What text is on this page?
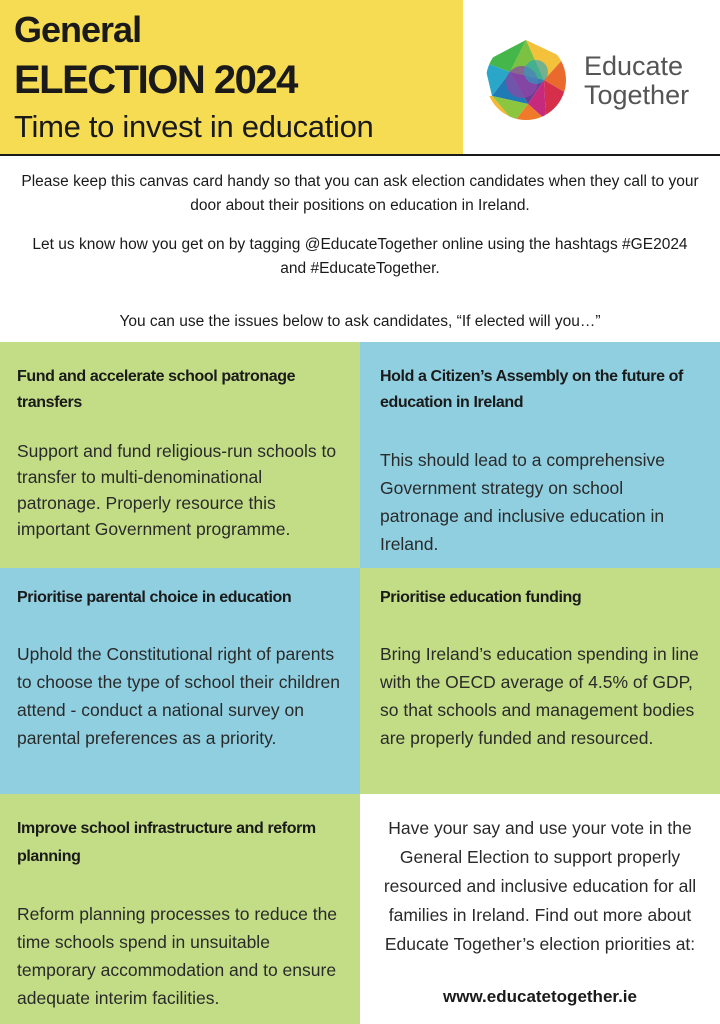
General
ELECTION 2024
Time to invest in education
Educate
Together

Please keep this canvas card handy so that you can ask election candidates when they call to your door about their positions on education in Ireland.

Let us know how you get on by tagging @EducateTogether online using the hashtags #GE2024 and #EducateTogether.

You can use the issues below to ask candidates, “If elected will you…”

Fund and accelerate school patronage transfers

Support and fund religious-run schools to transfer to multi-denominational patronage. Properly resource this important Government programme.

Hold a Citizen’s Assembly on the future of education in Ireland

This should lead to a comprehensive Government strategy on school patronage and inclusive education in Ireland.

Prioritise parental choice in education

Uphold the Constitutional right of parents to choose the type of school their children attend - conduct a national survey on parental preferences as a priority.

Prioritise education funding

Bring Ireland’s education spending in line with the OECD average of 4.5% of GDP, so that schools and management bodies are properly funded and resourced.

Improve school infrastructure and reform planning

Reform planning processes to reduce the time schools spend in unsuitable temporary accommodation and to ensure adequate interim facilities.

Have your say and use your vote in the General Election to support properly resourced and inclusive education for all families in Ireland. Find out more about Educate Together’s election priorities at:

www.educatetogether.ie
